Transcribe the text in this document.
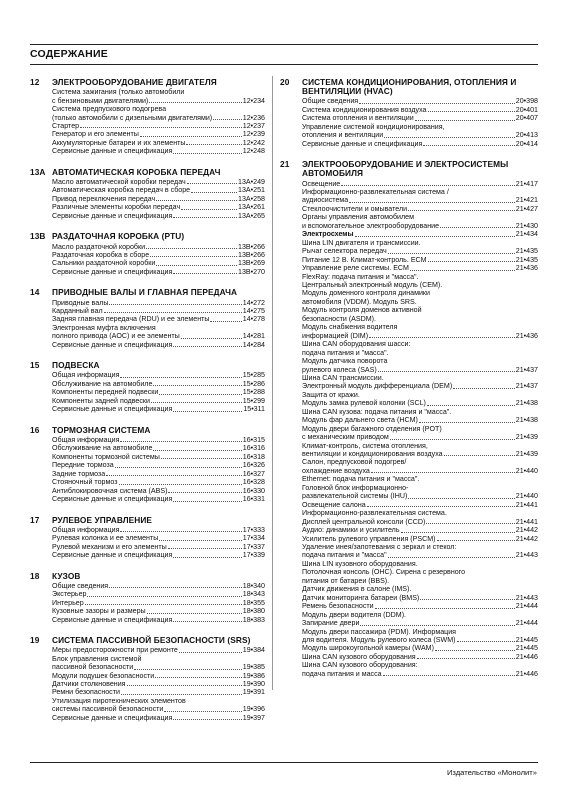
СОДЕРЖАНИЕ
12	ЭЛЕКТРООБОРУДОВАНИЕ ДВИГАТЕЛЯ
Система зажигания (только автомобили
с бензиновыми двигателями)	12•234
Система предпускового подогрева
(только автомобили с дизельными двигателями)	12•236
Стартер	12•237
Генератор и его элементы	12•239
Аккумуляторные батареи и их элементы	12•242
Сервисные данные и спецификация	12•248
13A АВТОМАТИЧЕСКАЯ КОРОБКА ПЕРЕДАЧ
Масло автоматической коробки передач	13A•249
Автоматическая коробка передач в сборе	13A•251
Привод переключения передач	13A•258
Различные элементы коробки передач	13A•261
Сервисные данные и спецификация	13A•265
13B РАЗДАТОЧНАЯ КОРОБКА (PTU)
Масло раздаточной коробки	13B•266
Раздаточная коробка в сборе	13B•266
Сальники раздаточной коробки	13B•269
Сервисные данные и спецификация	13B•270
14	ПРИВОДНЫЕ ВАЛЫ И ГЛАВНАЯ ПЕРЕДАЧА
Приводные валы	14•272
Карданный вал	14•275
Задняя главная передача (RDU) и ее элементы	14•278
Электронная муфта включения
полного привода (AOC) и ее элементы	14•281
Сервисные данные и спецификация	14•284
15	ПОДВЕСКА
Общая информация	15•285
Обслуживание на автомобиле	15•286
Компоненты передней подвески	15•288
Компоненты задней подвески	15•299
Сервисные данные и спецификация	15•311
16	ТОРМОЗНАЯ СИСТЕМА
Общая информация	16•315
Обслуживание на автомобиле	16•316
Компоненты тормозной системы	16•318
Передние тормоза	16•326
Задние тормоза	16•327
Стояночный тормоз	16•328
Антиблокировочная система (ABS)	16•330
Сервисные данные и спецификация	16•331
17	РУЛЕВОЕ УПРАВЛЕНИЕ
Общая информация	17•333
Рулевая колонка и ее элементы	17•334
Рулевой механизм и его элементы	17•337
Сервисные данные и спецификация	17•339
18	КУЗОВ
Общие сведения	18•340
Экстерьер	18•343
Интерьер	18•355
Кузовные зазоры и размеры	18•380
Сервисные данные и спецификация	18•383
19	СИСТЕМА ПАССИВНОЙ БЕЗОПАСНОСТИ (SRS)
Меры предосторожности при ремонте	19•384
Блок управления системой
пассивной безопасности	19•385
Модули подушек безопасности	19•386
Датчики столкновения	19•390
Ремни безопасности	19•391
Утилизация пиротехнических элементов
системы пассивной безопасности	19•396
Сервисные данные и спецификация	19•397
20	СИСТЕМА КОНДИЦИОНИРОВАНИЯ, ОТОПЛЕНИЯ И ВЕНТИЛЯЦИИ (HVAC)
Общие сведения	20•398
Система кондиционирования воздуха	20•401
Система отопления и вентиляции	20•407
Управление системой кондиционирования,
отопления и вентиляции	20•413
Сервисные данные и спецификация	20•414
21	ЭЛЕКТРООБОРУДОВАНИЕ И ЭЛЕКТРОСИСТЕМЫ АВТОМОБИЛЯ
Освещение	21•417
Информационно-развлекательная система /
аудиосистема	21•421
Стеклоочистители и омыватели	21•427
Органы управления автомобилем
и вспомогательное электрооборудование	21•430
Электросхемы	21•434
Шина LIN двигателя и трансмиссии.
Рычаг селектора передач	21•435
Питание 12 В. Климат-контроль. ECM	21•435
Управление реле системы. ECM	21•436
FlexRay: подача питания и "масса".
Центральный электронный модуль (CEM).
Модуль доменного контроля динамики
автомобиля (VDDM). Модуль SRS.
Модуль контроля доменов активной
безопасности (ASDM).
Модуль снабжения водителя
информацией (DIM)	21•436
Шина CAN оборудования шасси:
подача питания и "масса".
Модуль датчика поворота
рулевого колеса (SAS)	21•437
Шина CAN трансмиссии.
Электронный модуль дифференциала (DEM)	21•437
Защита от кражи.
Модуль замка рулевой колонки (SCL)	21•438
Шина CAN кузова: подача питания и "масса".
Модуль фар дальнего света (HCM)	21•438
Модуль двери багажного отделения (POT)
с механическим приводом	21•439
Климат-контроль, система отопления,
вентиляции и кондиционирования воздуха	21•439
Салон, предпусковой подогрев/
охлаждение воздуха	21•440
Ethernet: подача питания и "масса".
Головной блок информационно-
развлекательной системы (IHU)	21•440
Освещение салона	21•441
Информационно-развлекательная система.
Дисплей центральной консоли (CCD)	21•441
Аудио: динамики и усилитель	21•442
Усилитель рулевого управления (PSCM)	21•442
Удаление инея/запотевания с зеркал и стекол:
подача питания и "масса"	21•443
Шина LIN кузовного оборудования.
Потолочная консоль (OHC). Сирена с резервного
питания от батареи (BBS).
Датчик движения в салоне (IMS).
Датчик мониторинга батареи (BMS)	21•443
Ремень безопасности	21•444
Модуль двери водителя (DDM).
Запирание двери	21•444
Модуль двери пассажира (PDM). Информация
для водителя. Модуль рулевого колеса (SWM)	21•445
Модуль широкоугольной камеры (WAM)	21•445
Шина CAN кузового оборудования	21•446
Шина CAN кузового оборудования:
подача питания и масса	21•446
Издательство «Монолит»
